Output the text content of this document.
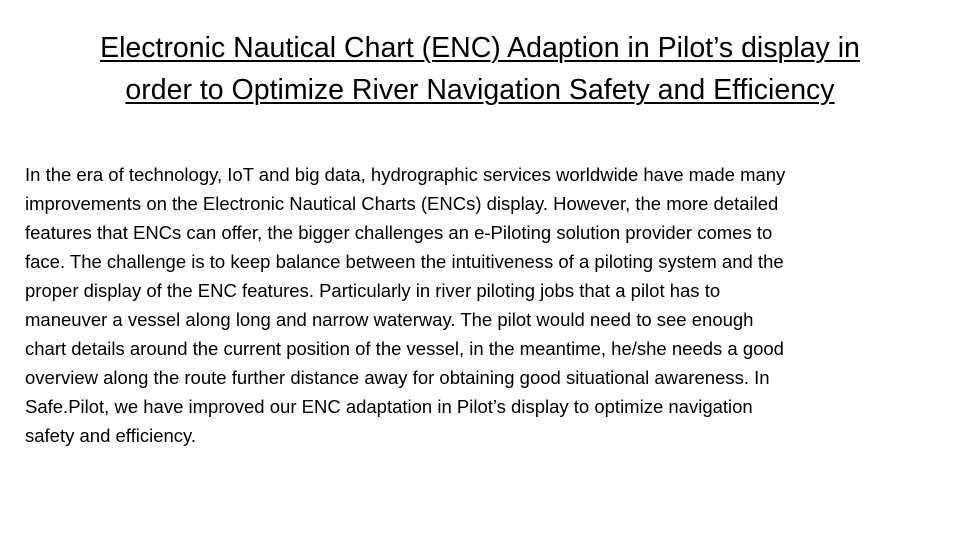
Electronic Nautical Chart (ENC) Adaption in Pilot’s display in
order to Optimize River Navigation Safety and Efficiency

In the era of technology, IoT and big data, hydrographic services worldwide have made many
improvements on the Electronic Nautical Charts (ENCs) display. However, the more detailed
features that ENCs can offer, the bigger challenges an e-Piloting solution provider comes to
face. The challenge is to keep balance between the intuitiveness of a piloting system and the
proper display of the ENC features. Particularly in river piloting jobs that a pilot has to
maneuver a vessel along long and narrow waterway. The pilot would need to see enough
chart details around the current position of the vessel, in the meantime, he/she needs a good
overview along the route further distance away for obtaining good situational awareness. In
Safe.Pilot, we have improved our ENC adaptation in Pilot’s display to optimize navigation
safety and efficiency.
